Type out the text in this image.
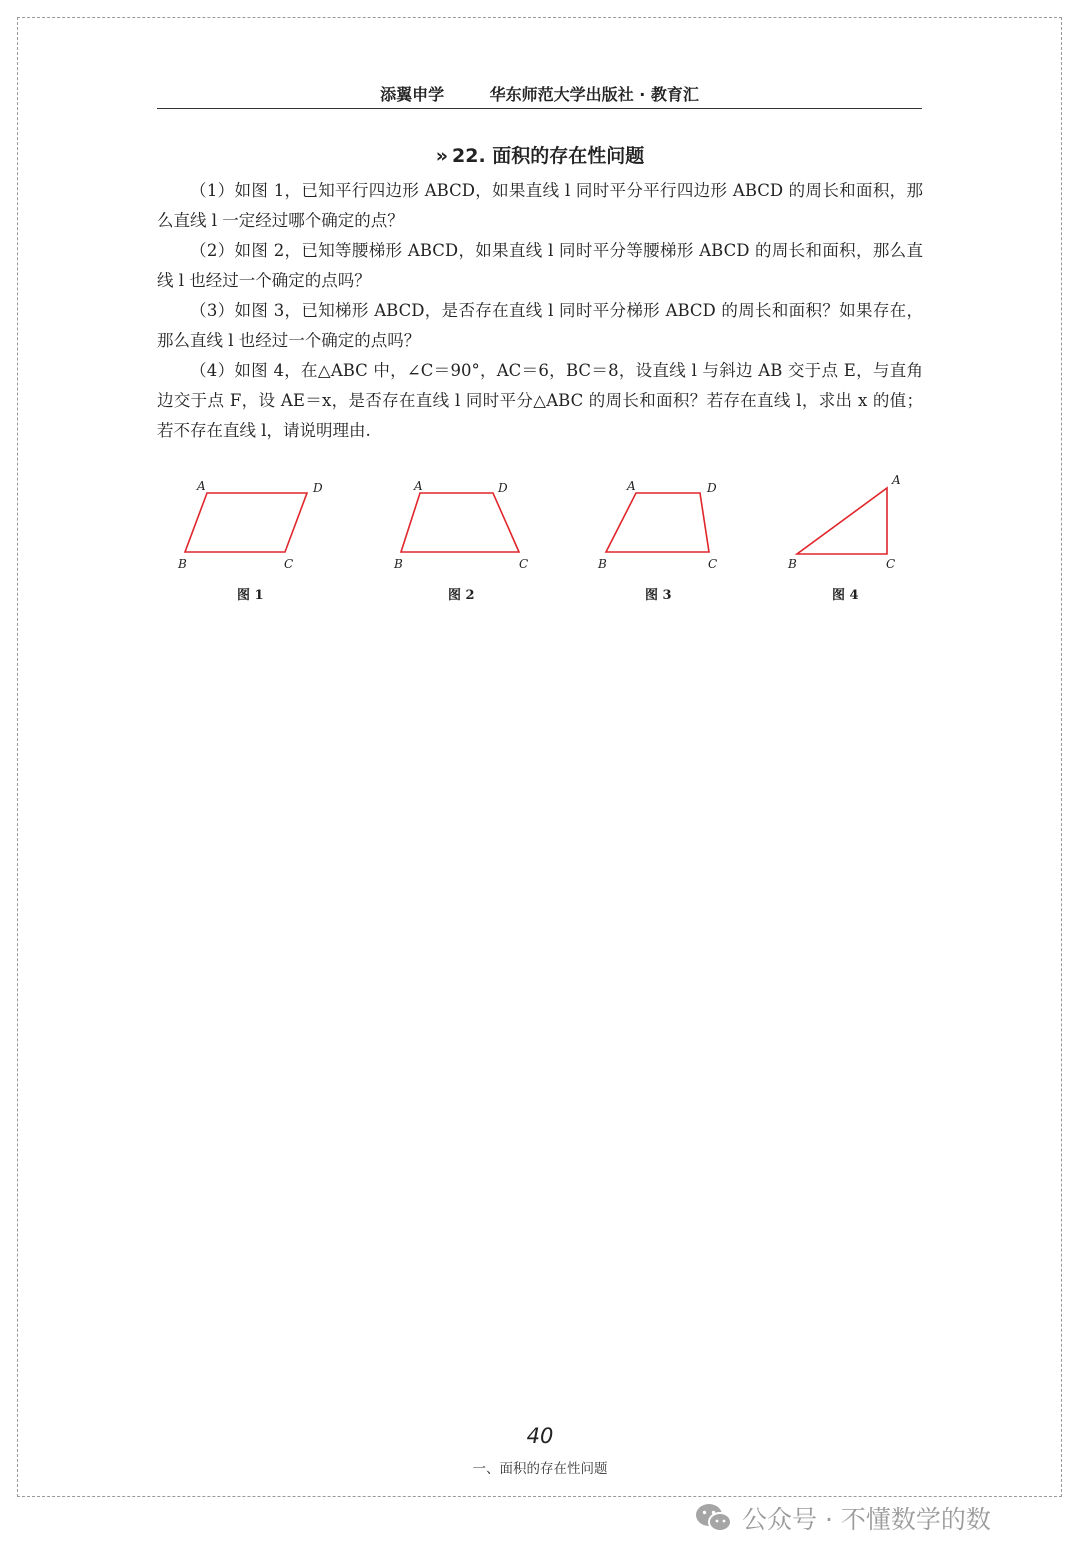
添翼申学	华东师范大学出版社 · 教育汇
» 22. 面积的存在性问题

（1）如图 1，已知平行四边形 ABCD，如果直线 l 同时平分平行四边形 ABCD 的周长和面积，那么直线 l 一定经过哪个确定的点？

（2）如图 2，已知等腰梯形 ABCD，如果直线 l 同时平分等腰梯形 ABCD 的周长和面积，那么直线 l 也经过一个确定的点吗？

（3）如图 3，已知梯形 ABCD，是否存在直线 l 同时平分梯形 ABCD 的周长和面积？如果存在，那么直线 l 也经过一个确定的点吗？

（4）如图 4，在△ABC 中，∠C＝90°，AC＝6，BC＝8，设直线 l 与斜边 AB 交于点 E，与直角边交于点 F，设 AE＝x，是否存在直线 l 同时平分△ABC 的周长和面积？若存在直线 l，求出 x 的值；若不存在直线 l，请说明理由.

A	D
C
B
图 1
A	D
C
B
图 2
A	D
C
B
图 3
A
C
B
图 4
40
一、面积的存在性问题
公众号 · 不懂数学的数
